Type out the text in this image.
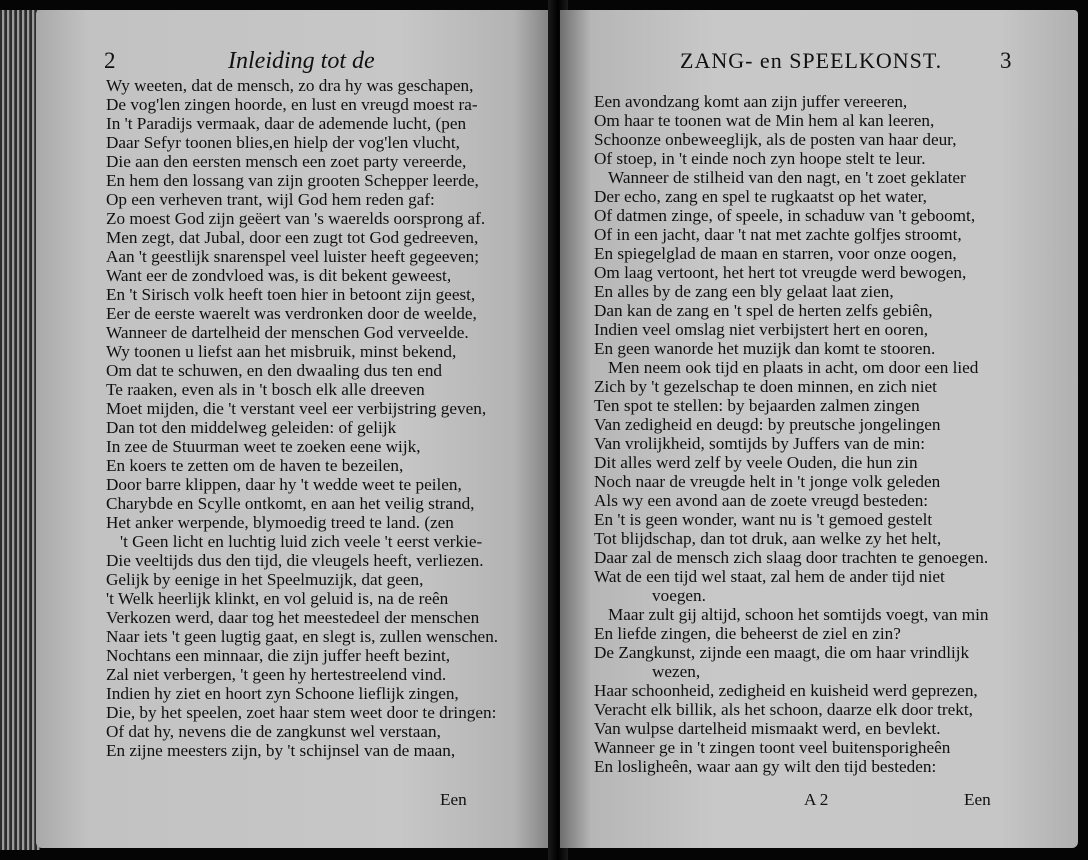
2	Inleiding tot de
Wy weeten, dat de mensch, zo dra hy was geschapen,
De vog'len zingen hoorde, en lust en vreugd moest ra-
In 't Paradijs vermaak, daar de ademende lucht, (pen
Daar Sefyr toonen blies,en hielp der vog'len vlucht,
Die aan den eersten mensch een zoet party vereerde,
En hem den lossang van zijn grooten Schepper leerde,
Op een verheven trant, wijl God hem reden gaf:
Zo moest God zijn geëert van 's waerelds oorsprong af.
Men zegt, dat Jubal, door een zugt tot God gedreeven,
Aan 't geestlijk snarenspel veel luister heeft gegeeven;
Want eer de zondvloed was, is dit bekent geweest,
En 't Sirisch volk heeft toen hier in betoont zijn geest,
Eer de eerste waerelt was verdronken door de weelde,
Wanneer de dartelheid der menschen God verveelde.
Wy toonen u liefst aan het misbruik, minst bekend,
Om dat te schuwen, en den dwaaling dus ten end
Te raaken, even als in 't bosch elk alle dreeven
Moet mijden, die 't verstant veel eer verbijstring geven,
Dan tot den middelweg geleiden: of gelijk
In zee de Stuurman weet te zoeken eene wijk,
En koers te zetten om de haven te bezeilen,
Door barre klippen, daar hy 't wedde weet te peilen,
Charybde en Scylle ontkomt, en aan het veilig strand,
Het anker werpende, blymoedig treed te land. (zen
't Geen licht en luchtig luid zich veele 't eerst verkie-
Die veeltijds dus den tijd, die vleugels heeft, verliezen.
Gelijk by eenige in het Speelmuzijk, dat geen,
't Welk heerlijk klinkt, en vol geluid is, na de reên
Verkozen werd, daar tog het meestedeel der menschen
Naar iets 't geen lugtig gaat, en slegt is, zullen wenschen.
Nochtans een minnaar, die zijn juffer heeft bezint,
Zal niet verbergen, 't geen hy hertestreelend vind.
Indien hy ziet en hoort zyn Schoone lieflijk zingen,
Die, by het speelen, zoet haar stem weet door te dringen:
Of dat hy, nevens die de zangkunst wel verstaan,
En zijne meesters zijn, by 't schijnsel van de maan,
Een
ZANG- en SPEELKONST.	3
Een avondzang komt aan zijn juffer vereeren,
Om haar te toonen wat de Min hem al kan leeren,
Schoonze onbeweeglijk, als de posten van haar deur,
Of stoep, in 't einde noch zyn hoope stelt te leur.
Wanneer de stilheid van den nagt, en 't zoet geklater
Der echo, zang en spel te rugkaatst op het water,
Of datmen zinge, of speele, in schaduw van 't geboomt,
Of in een jacht, daar 't nat met zachte golfjes stroomt,
En spiegelglad de maan en starren, voor onze oogen,
Om laag vertoont, het hert tot vreugde werd bewogen,
En alles by de zang een bly gelaat laat zien,
Dan kan de zang en 't spel de herten zelfs gebiên,
Indien veel omslag niet verbijstert hert en ooren,
En geen wanorde het muzijk dan komt te stooren.
Men neem ook tijd en plaats in acht, om door een lied
Zich by 't gezelschap te doen minnen, en zich niet
Ten spot te stellen: by bejaarden zalmen zingen
Van zedigheid en deugd: by preutsche jongelingen
Van vrolijkheid, somtijds by Juffers van de min:
Dit alles werd zelf by veele Ouden, die hun zin
Noch naar de vreugde helt in 't jonge volk geleden
Als wy een avond aan de zoete vreugd besteden:
En 't is geen wonder, want nu is 't gemoed gestelt
Tot blijdschap, dan tot druk, aan welke zy het helt,
Daar zal de mensch zich slaag door trachten te genoegen.
Wat de een tijd wel staat, zal hem de ander tijd niet
voegen.
Maar zult gij altijd, schoon het somtijds voegt, van min
En liefde zingen, die beheerst de ziel en zin?
De Zangkunst, zijnde een maagt, die om haar vrindlijk
wezen,
Haar schoonheid, zedigheid en kuisheid werd geprezen,
Veracht elk billik, als het schoon, daarze elk door trekt,
Van wulpse dartelheid mismaakt werd, en bevlekt.
Wanneer ge in 't zingen toont veel buitensporigheên
En losligheên, waar aan gy wilt den tijd besteden:
A 2	Een
